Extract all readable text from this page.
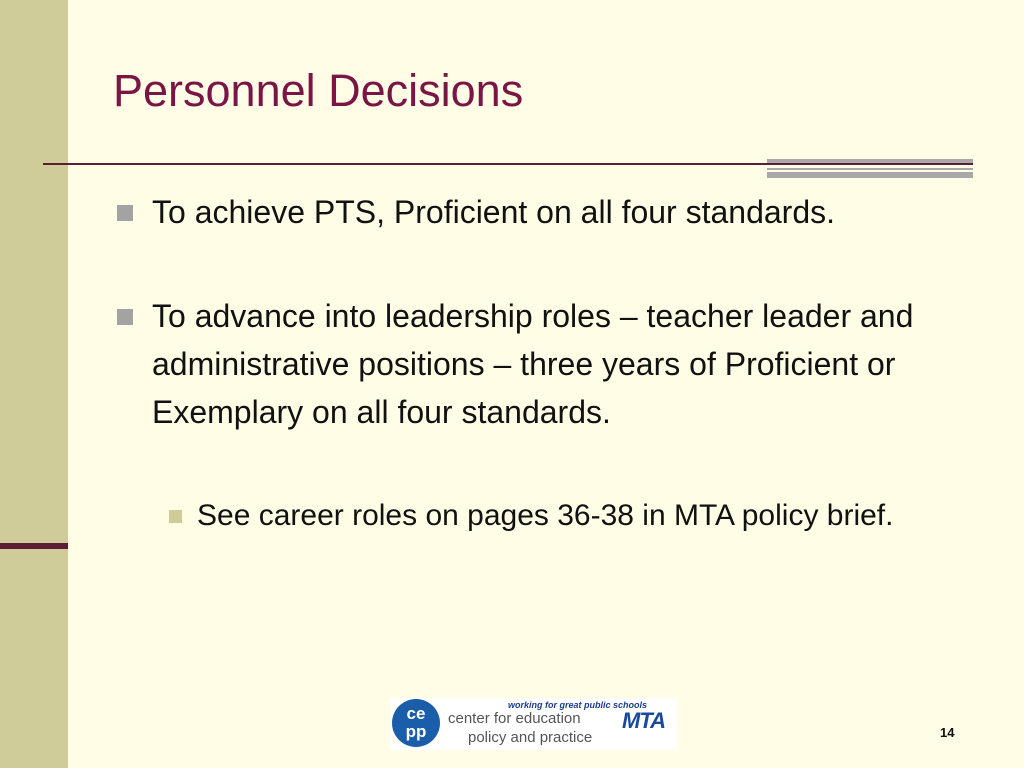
Personnel Decisions
To achieve PTS, Proficient on all four standards.
To advance into leadership roles – teacher leader and administrative positions – three years of Proficient or Exemplary on all four standards.
See career roles on pages 36-38 in MTA policy brief.
ce
pp
working for great public schools
center for education
policy and practice
MTA	14
